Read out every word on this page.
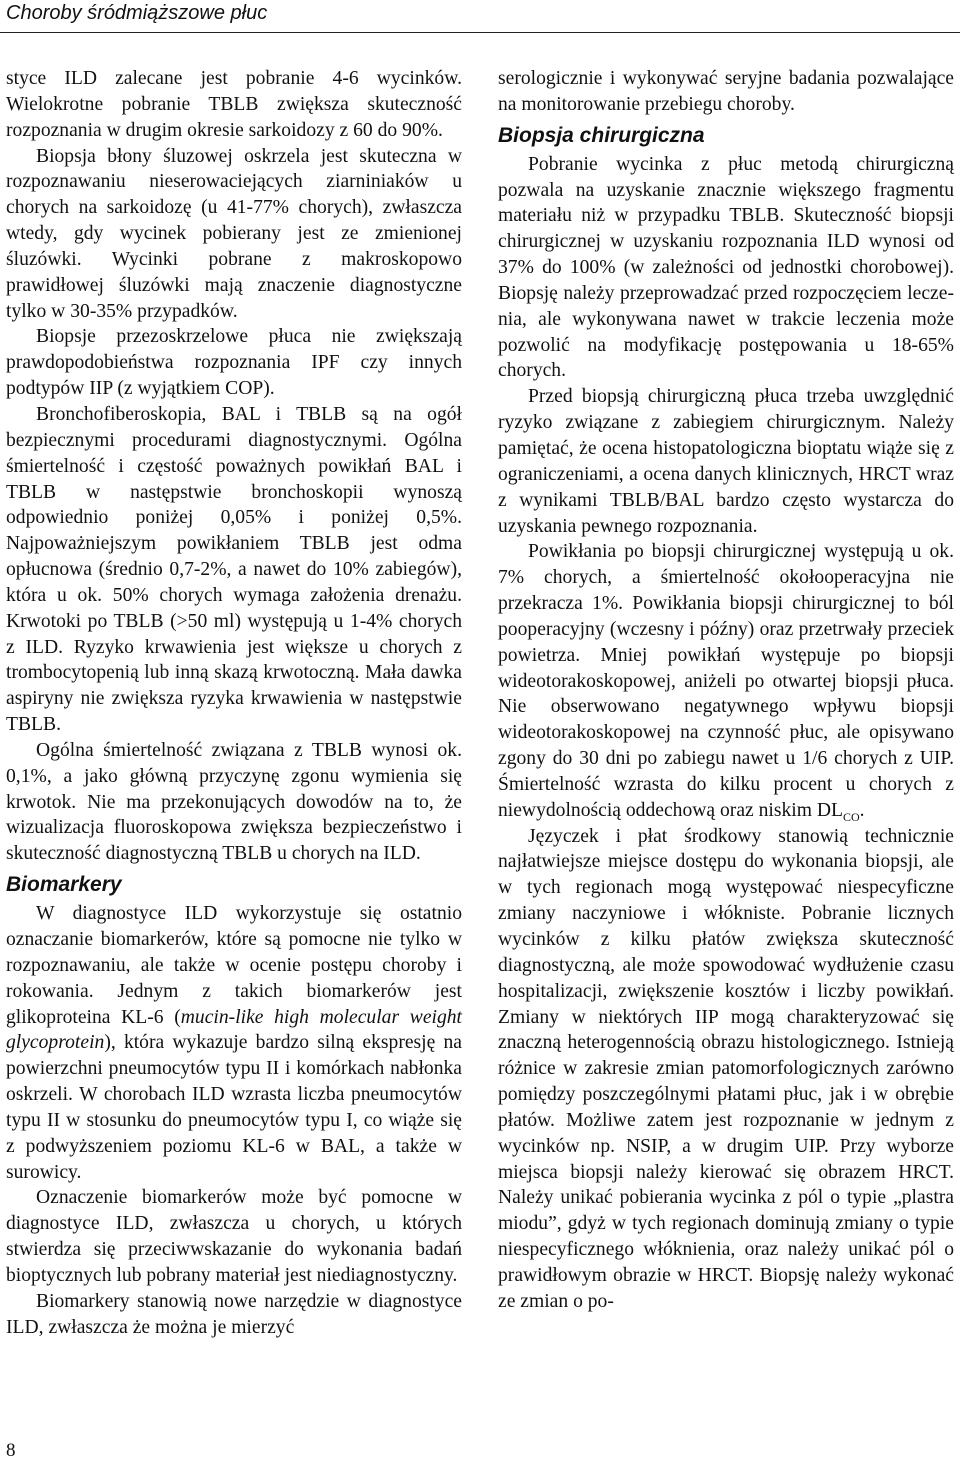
Choroby śródmiąższowe płuc

styce ILD zalecane jest pobranie 4-6 wycinków. Wielokrotne pobranie TBLB zwiększa skuteczność rozpoznania w drugim okresie sarkoidozy z 60 do 90%.

Biopsja błony śluzowej oskrzela jest skuteczna w rozpoznawaniu nieserowaciejących ziarniniaków u chorych na sarkoidozę (u 41-77% chorych), zwłaszcza wtedy, gdy wycinek pobierany jest ze zmienionej śluzówki. Wycinki pobrane z makroskopowo prawidłowej śluzówki mają znaczenie diagnostyczne tylko w 30-35% przypadków.

Biopsje przezoskrzelowe płuca nie zwiększają prawdopodobieństwa rozpoznania IPF czy innych podtypów IIP (z wyjątkiem COP).

Bronchofiberoskopia, BAL i TBLB są na ogół bezpiecznymi procedurami diagnostycznymi. Ogólna śmiertelność i częstość poważnych powikłań BAL i TBLB w następstwie bronchoskopii wynoszą odpowiednio poniżej 0,05% i poniżej 0,5%. Najpoważniejszym powikłaniem TBLB jest odma opłucnowa (średnio 0,7-2%, a nawet do 10% zabiegów), która u ok. 50% chorych wymaga założenia drenażu. Krwotoki po TBLB (>50 ml) występują u 1-4% chorych z ILD. Ryzyko krwawienia jest większe u chorych z trombocytopenią lub inną skazą krwotoczną. Mała dawka aspiryny nie zwiększa ryzyka krwawienia w następstwie TBLB.

Ogólna śmiertelność związana z TBLB wynosi ok. 0,1%, a jako główną przyczynę zgonu wymienia się krwotok. Nie ma przekonujących dowodów na to, że wizualizacja fluoroskopowa zwiększa bezpieczeństwo i skuteczność diagnostyczną TBLB u chorych na ILD.

Biomarkery

W diagnostyce ILD wykorzystuje się ostatnio oznaczanie biomarkerów, które są pomocne nie tylko w rozpoznawaniu, ale także w ocenie postępu choroby i rokowania. Jednym z takich biomarkerów jest glikoproteina KL-6 (mucin-like high molecular weight glycoprotein), która wykazuje bardzo silną ekspresję na powierzchni pneumocytów typu II i komórkach nabłonka oskrzeli. W chorobach ILD wzrasta liczba pneumocytów typu II w stosunku do pneumocytów typu I, co wiąże się z podwyższeniem poziomu KL-6 w BAL, a także w surowicy.

Oznaczenie biomarkerów może być pomocne w diagnostyce ILD, zwłaszcza u chorych, u których stwierdza się przeciwwskazanie do wykonania badań bioptycznych lub pobrany materiał jest niediagnostyczny.

Biomarkery stanowią nowe narzędzie w diagnostyce ILD, zwłaszcza że można je mierzyć

serologicznie i wykonywać seryjne badania pozwalające na monitorowanie przebiegu choroby.

Biopsja chirurgiczna

Pobranie wycinka z płuc metodą chirurgiczną pozwala na uzyskanie znacznie większego fragmentu materiału niż w przypadku TBLB. Skuteczność biopsji chirurgicznej w uzyskaniu rozpoznania ILD wynosi od 37% do 100% (w zależności od jednostki chorobowej). Biopsję należy przeprowadzać przed rozpoczęciem leczenia, ale wykonywana nawet w trakcie leczenia może pozwolić na modyfikację postępowania u 18-65% chorych.

Przed biopsją chirurgiczną płuca trzeba uwzględnić ryzyko związane z zabiegiem chirurgicznym. Należy pamiętać, że ocena histopatologiczna bioptatu wiąże się z ograniczeniami, a ocena danych klinicznych, HRCT wraz z wynikami TBLB/BAL bardzo często wystarcza do uzyskania pewnego rozpoznania.

Powikłania po biopsji chirurgicznej występują u ok. 7% chorych, a śmiertelność okołooperacyjna nie przekracza 1%. Powikłania biopsji chirurgicznej to ból pooperacyjny (wczesny i późny) oraz przetrwały przeciek powietrza. Mniej powikłań występuje po biopsji wideotorakoskopowej, aniżeli po otwartej biopsji płuca. Nie obserwowano negatywnego wpływu biopsji wideotorakoskopowej na czynność płuc, ale opisywano zgony do 30 dni po zabiegu nawet u 1/6 chorych z UIP. Śmiertelność wzrasta do kilku procent u chorych z niewydolnością oddechową oraz niskim $DL_{CO}$.

Języczek i płat środkowy stanowią technicznie najłatwiejsze miejsce dostępu do wykonania biopsji, ale w tych regionach mogą występować niespecyficzne zmiany naczyniowe i włókniste. Pobranie licznych wycinków z kilku płatów zwiększa skuteczność diagnostyczną, ale może spowodować wydłużenie czasu hospitalizacji, zwiększenie kosztów i liczby powikłań. Zmiany w niektórych IIP mogą charakteryzować się znaczną heterogennością obrazu histologicznego. Istnieją różnice w zakresie zmian patomorfologicznych zarówno pomiędzy poszczególnymi płatami płuc, jak i w obrębie płatów. Możliwe zatem jest rozpoznanie w jednym z wycinków np. NSIP, a w drugim UIP. Przy wyborze miejsca biopsji należy kierować się obrazem HRCT. Należy unikać pobierania wycinka z pól o typie „plastra miodu”, gdyż w tych regionach dominują zmiany o typie niespecyficznego włóknienia, oraz należy unikać pól o prawidłowym obrazie w HRCT. Biopsję należy wykonać ze zmian o po-

8
